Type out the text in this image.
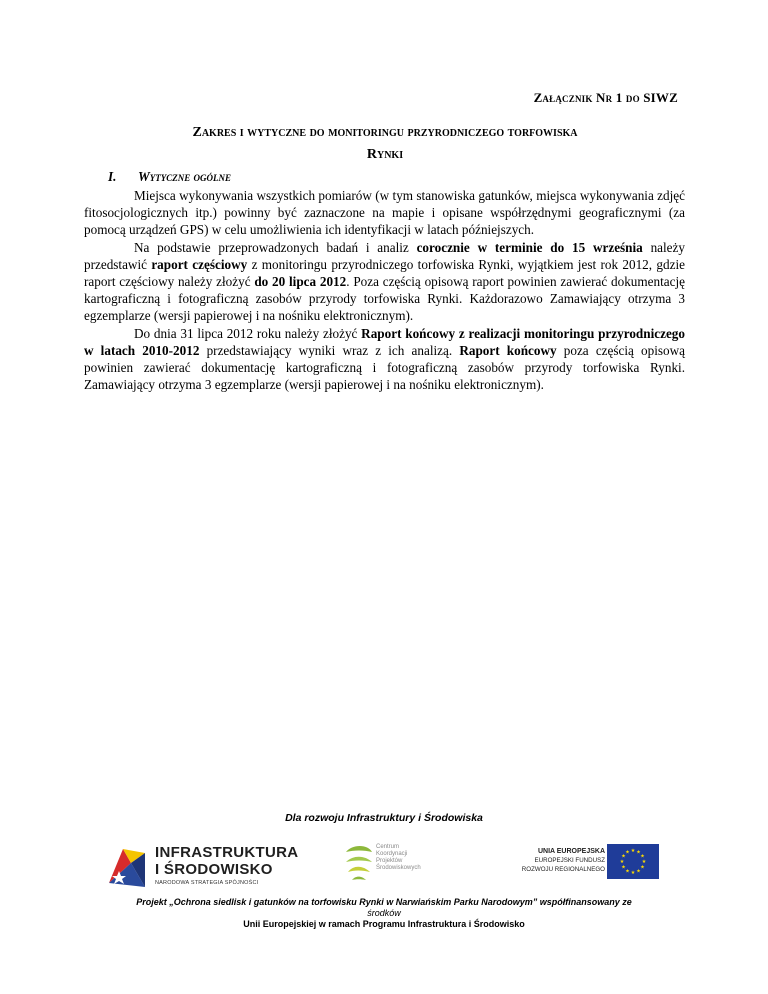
Załącznik Nr 1 do SIWZ
Zakres i wytyczne do monitoringu przyrodniczego torfowiska
Rynki
I. Wytyczne ogólne

Miejsca wykonywania wszystkich pomiarów (w tym stanowiska gatunków, miejsca wykonywania zdjęć fitosocjologicznych itp.) powinny być zaznaczone na mapie i opisane współrzędnymi geograficznymi (za pomocą urządzeń GPS) w celu umożliwienia ich identyfikacji w latach późniejszych.

Na podstawie przeprowadzonych badań i analiz corocznie w terminie do 15 września należy przedstawić raport częściowy z monitoringu przyrodniczego torfowiska Rynki, wyjątkiem jest rok 2012, gdzie raport częściowy należy złożyć do 20 lipca 2012. Poza częścią opisową raport powinien zawierać dokumentację kartograficzną i fotograficzną zasobów przyrody torfowiska Rynki. Każdorazowo Zamawiający otrzyma 3 egzemplarze (wersji papierowej i na nośniku elektronicznym).

Do dnia 31 lipca 2012 roku należy złożyć Raport końcowy z realizacji monitoringu przyrodniczego w latach 2010-2012 przedstawiający wyniki wraz z ich analizą. Raport końcowy poza częścią opisową powinien zawierać dokumentację kartograficzną i fotograficzną zasobów przyrody torfowiska Rynki. Zamawiający otrzyma 3 egzemplarze (wersji papierowej i na nośniku elektronicznym).

Dla rozwoju Infrastruktury i Środowiska
INFRASTRUKTURA
I ŚRODOWISKO
NARODOWA STRATEGIA SPÓJNOŚCI
Centrum
Koordynacji
Projektów
Środowiskowych
UNIA EUROPEJSKA
EUROPEJSKI FUNDUSZ
ROZWOJU REGIONALNEGO
★
★
★
★
★
★
★
★
★ ★ ★
★
Projekt „Ochrona siedlisk i gatunków na torfowisku Rynki w Narwiańskim Parku Narodowym” współfinansowany ze
środków
Unii Europejskiej w ramach Programu Infrastruktura i Środowisko
